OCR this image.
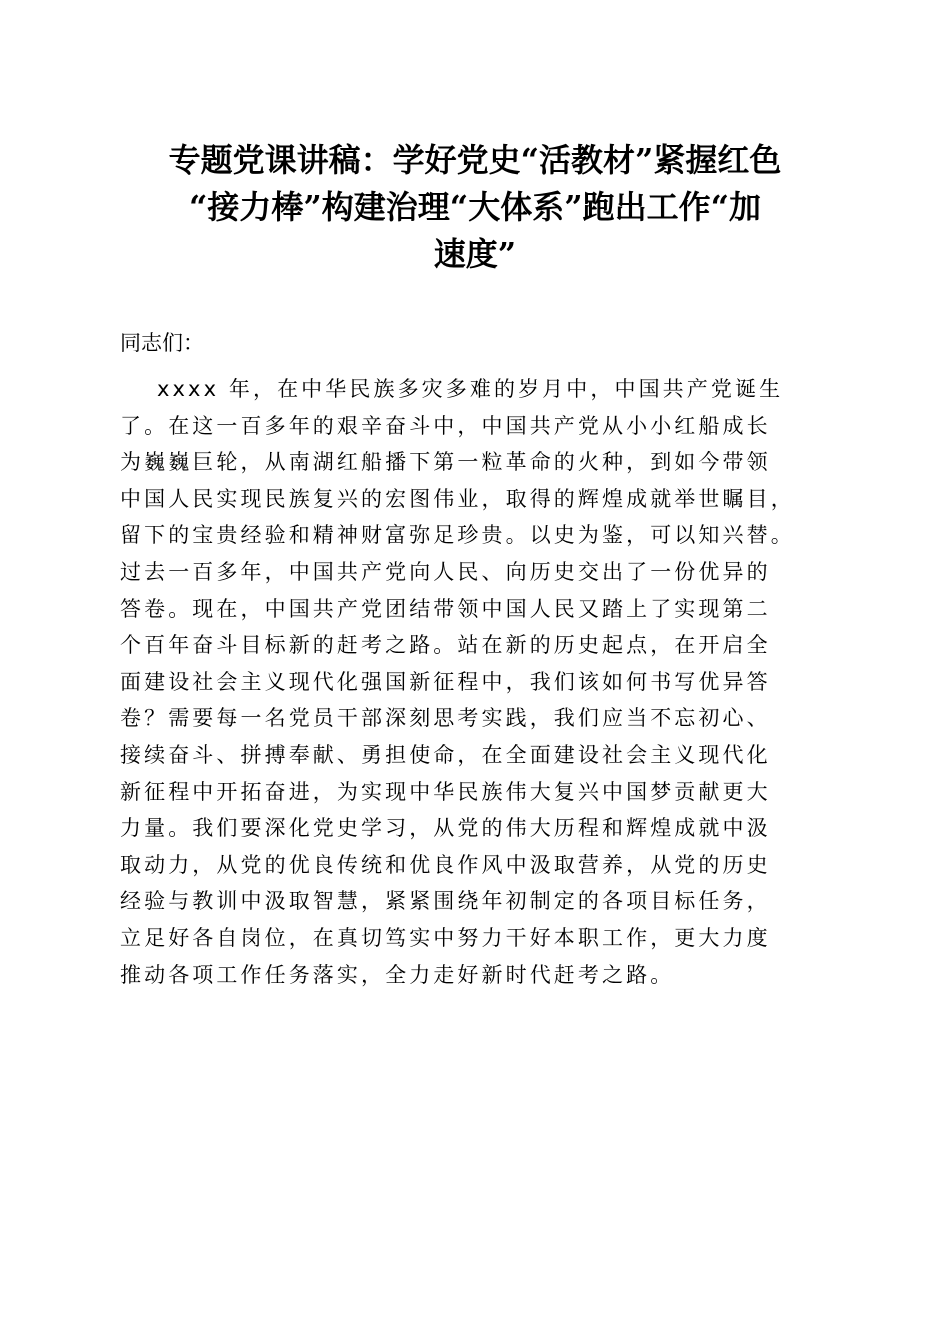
专题党课讲稿：学好党史“活教材”紧握红色
“接力棒”构建治理“大体系”跑出工作“加
速度”
同志们：
xxxx 年，在中华民族多灾多难的岁月中，中国共产党诞生
了。在这一百多年的艰辛奋斗中，中国共产党从小小红船成长
为巍巍巨轮，从南湖红船播下第一粒革命的火种，到如今带领
中国人民实现民族复兴的宏图伟业，取得的辉煌成就举世瞩目，
留下的宝贵经验和精神财富弥足珍贵。以史为鉴，可以知兴替。
过去一百多年，中国共产党向人民、向历史交出了一份优异的
答卷。现在，中国共产党团结带领中国人民又踏上了实现第二
个百年奋斗目标新的赶考之路。站在新的历史起点，在开启全
面建设社会主义现代化强国新征程中，我们该如何书写优异答
卷？需要每一名党员干部深刻思考实践，我们应当不忘初心、
接续奋斗、拼搏奉献、勇担使命，在全面建设社会主义现代化
新征程中开拓奋进，为实现中华民族伟大复兴中国梦贡献更大
力量。我们要深化党史学习，从党的伟大历程和辉煌成就中汲
取动力，从党的优良传统和优良作风中汲取营养，从党的历史
经验与教训中汲取智慧，紧紧围绕年初制定的各项目标任务，
立足好各自岗位，在真切笃实中努力干好本职工作，更大力度
推动各项工作任务落实，全力走好新时代赶考之路。
